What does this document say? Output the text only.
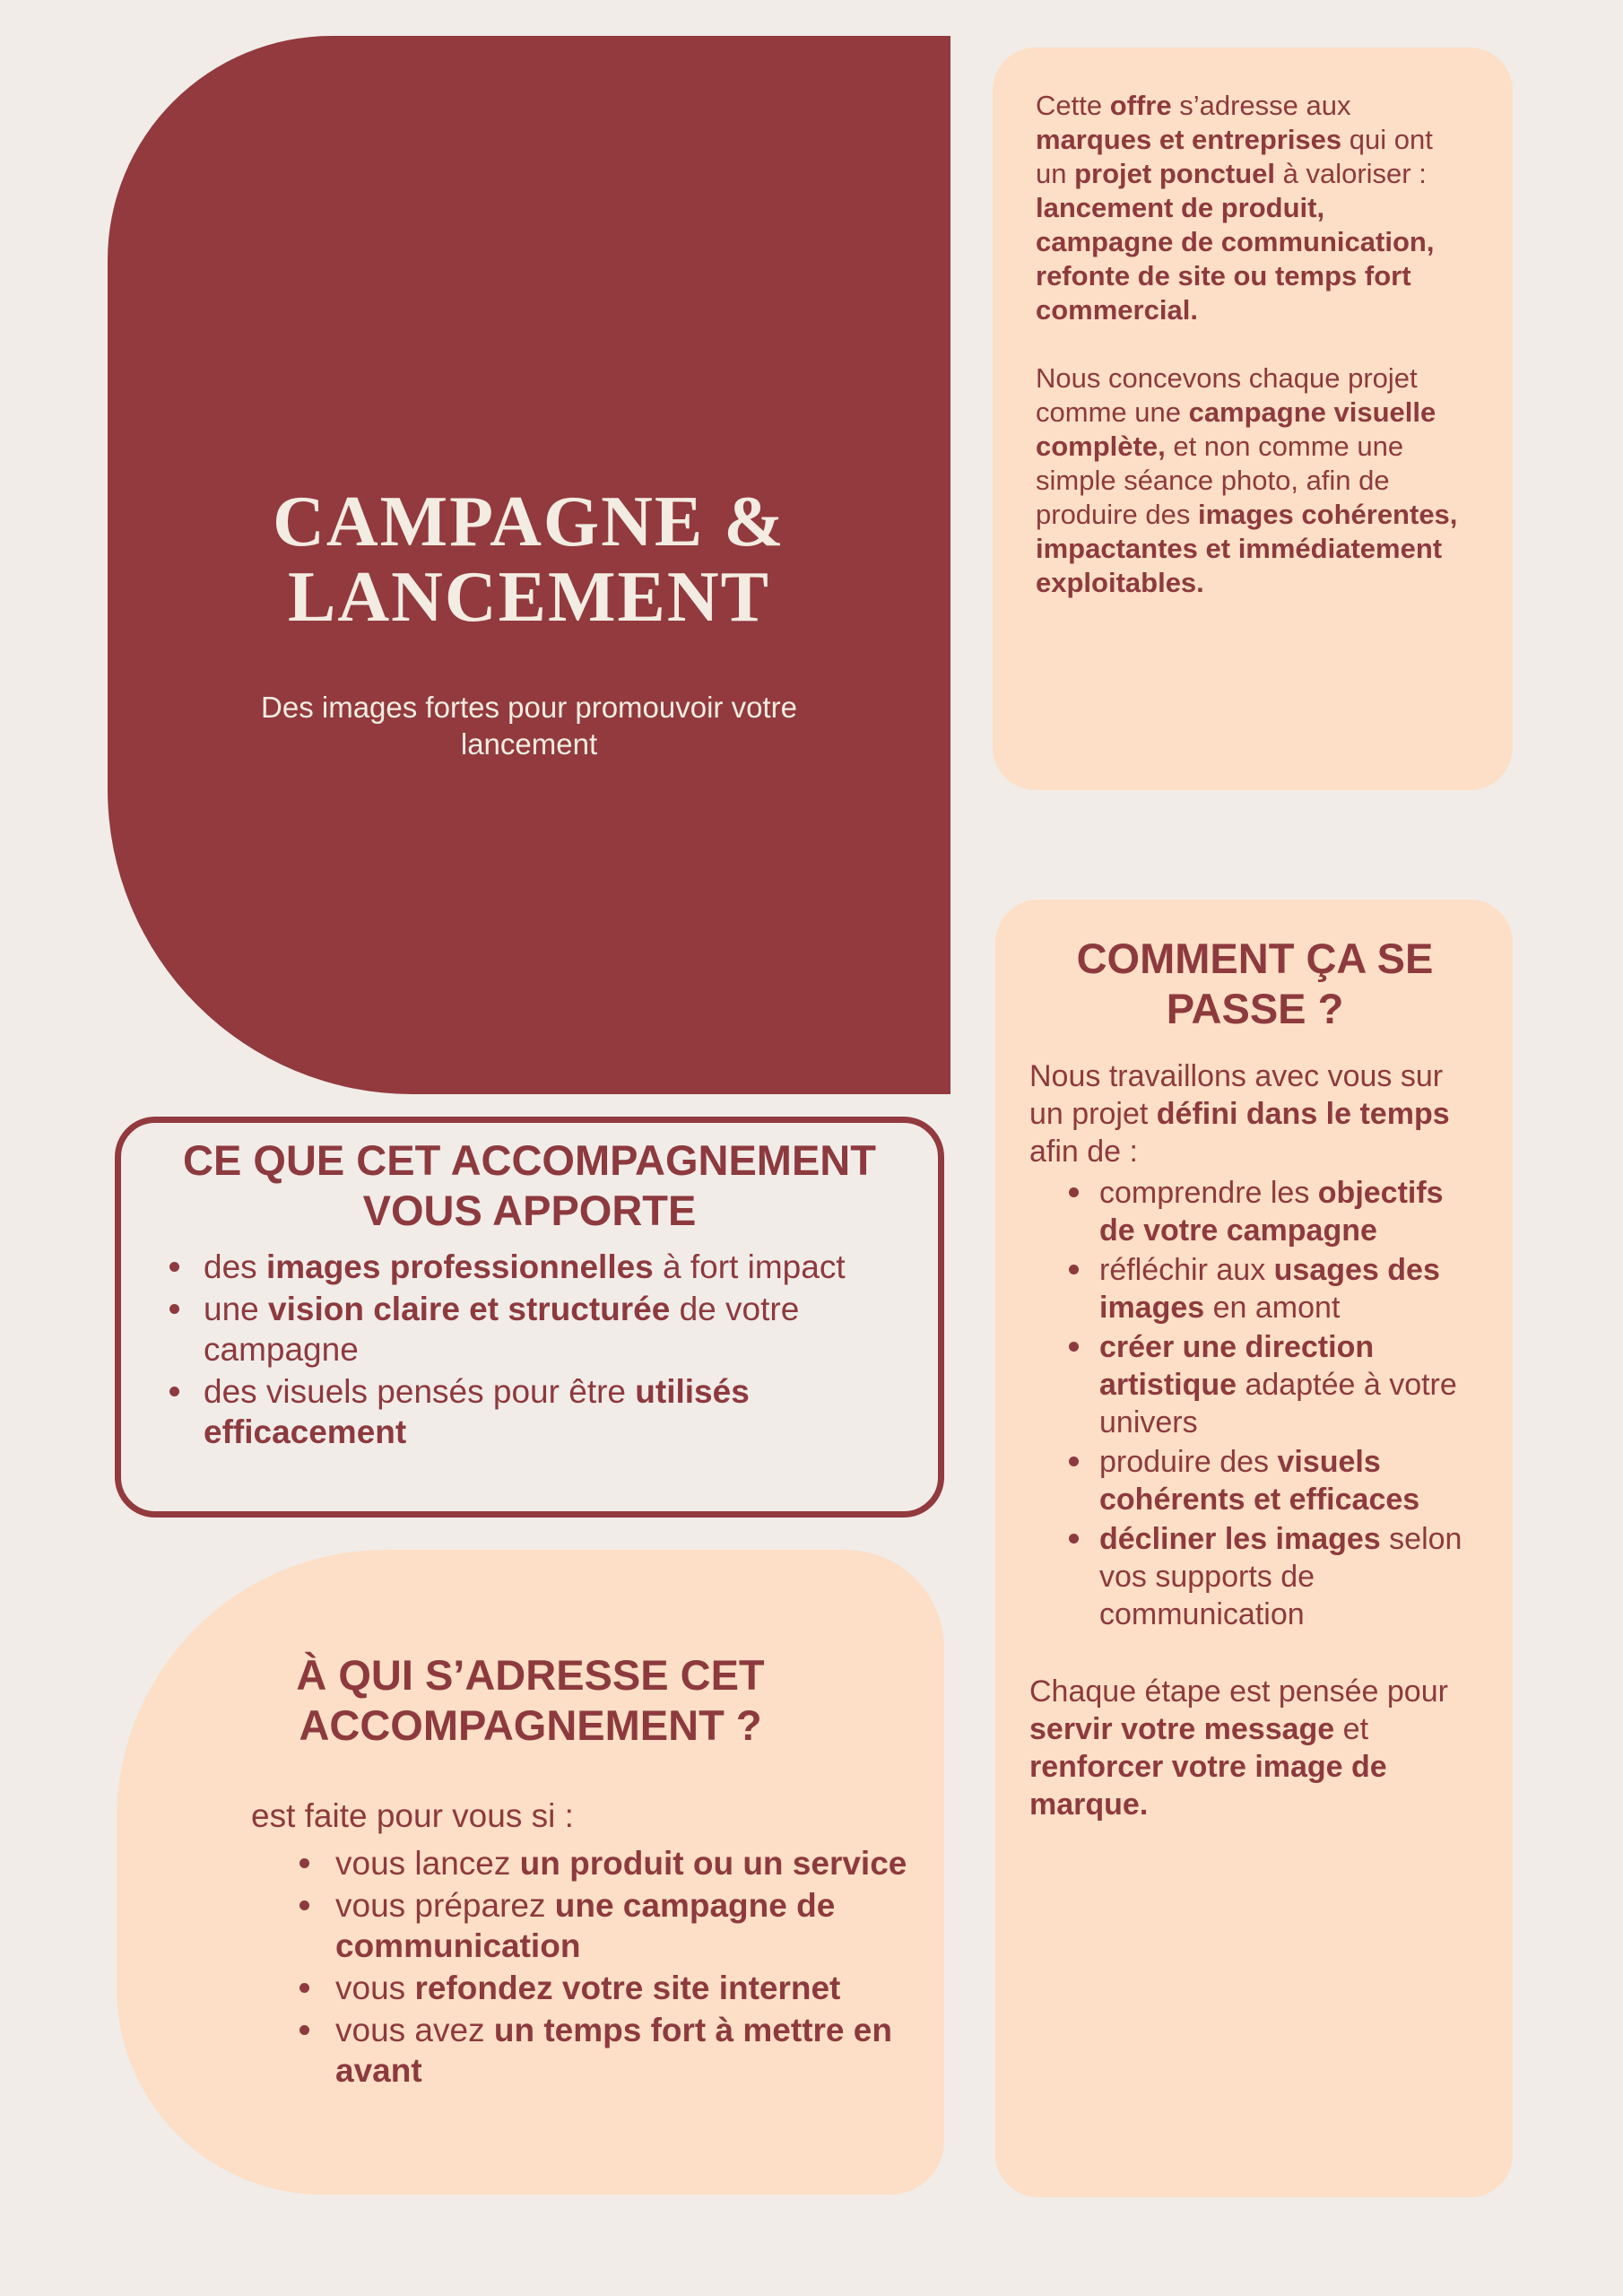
CAMPAGNE &
LANCEMENT
Des images fortes pour promouvoir votre lancement

Cette offre s’adresse aux marques et entreprises qui ont un projet ponctuel à valoriser : lancement de produit, campagne de communication, refonte de site ou temps fort commercial.

Nous concevons chaque projet comme une campagne visuelle complète, et non comme une simple séance photo, afin de produire des images cohérentes, impactantes et immédiatement exploitables.

CE QUE CET ACCOMPAGNEMENT
VOUS APPORTE
des images professionnelles à fort impact
une vision claire et structurée de votre campagne
des visuels pensés pour être utilisés efficacement
À QUI S’ADRESSE CET
ACCOMPAGNEMENT ?

est faite pour vous si :

vous lancez un produit ou un service
vous préparez une campagne de communication
vous refondez votre site internet
vous avez un temps fort à mettre en avant
COMMENT ÇA SE
PASSE ?

Nous travaillons avec vous sur un projet défini dans le temps afin de :

comprendre les objectifs de votre campagne
réfléchir aux usages des images en amont
créer une direction artistique adaptée à votre univers
produire des visuels cohérents et efficaces
décliner les images selon vos supports de communication

Chaque étape est pensée pour servir votre message et renforcer votre image de marque.
